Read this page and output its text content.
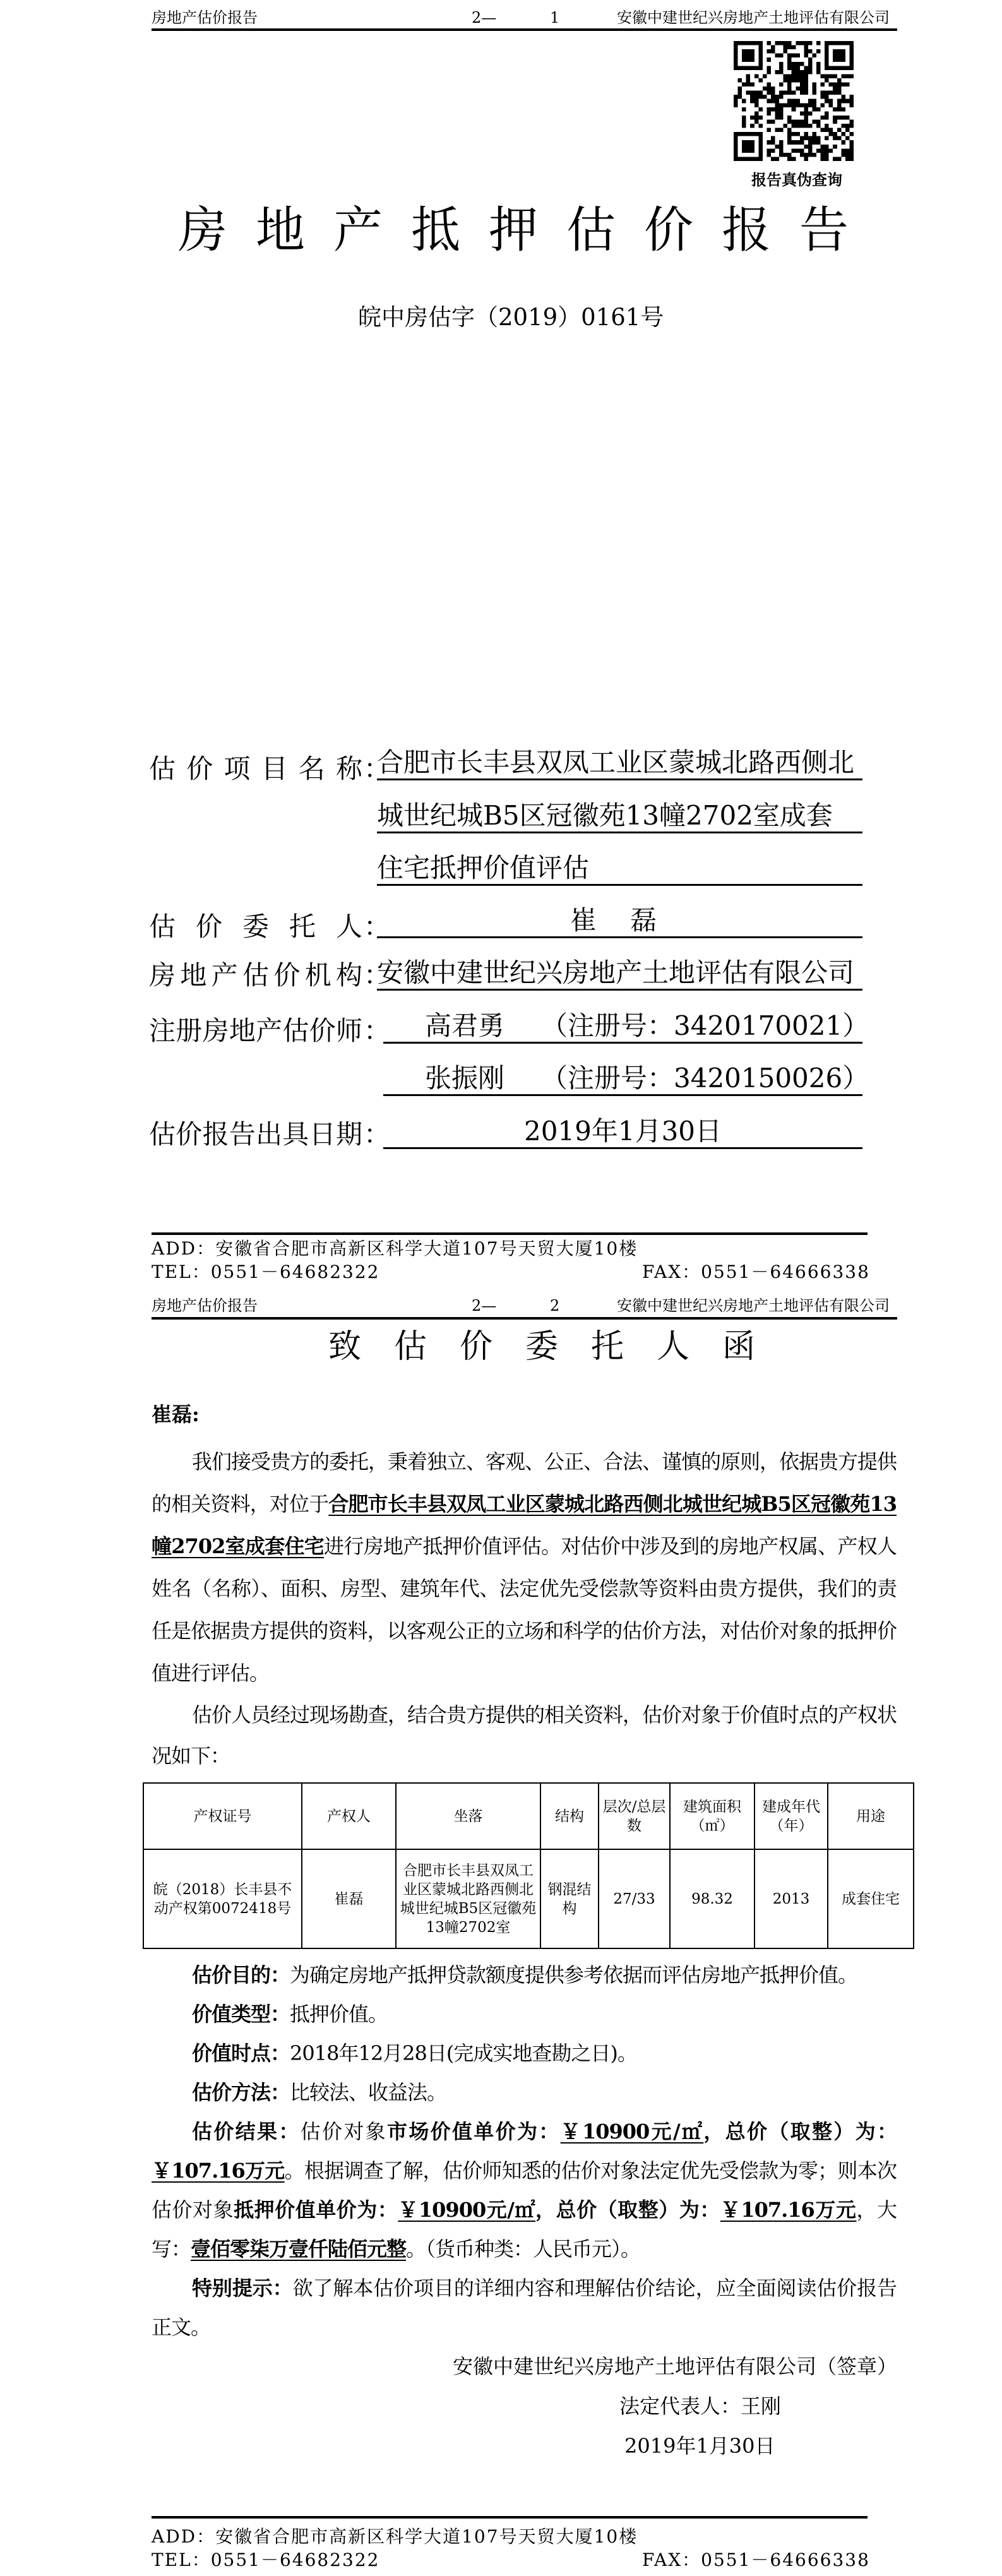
房地产估价报告	2—	1	安徽中建世纪兴房地产土地评估有限公司
报告真伪查询
房地产抵押估价报告
皖中房估字（2019）0161号
估价项目名称 ： 合肥市长丰县双凤工业区蒙城北路西侧北
城世纪城B5区冠徽苑13幢2702室成套
住宅抵押价值评估
估价委托人 ：	崔 磊
房地产估价机构 ： 安徽中建世纪兴房地产土地评估有限公司
注册房地产估价师 ： 高君勇 （注册号：3420170021）
张振刚 （注册号：3420150026）
估价报告出具日期 ：	2019年1月30日
ADD：安徽省合肥市高新区科学大道107号天贸大厦10楼
TEL：0551－64682322	FAX：0551－64666338
房地产估价报告	2—	2	安徽中建世纪兴房地产土地评估有限公司
致估价委托人函
崔磊:
我们接受贵方的委托，秉着独立、客观、公正、合法、谨慎的原则，依据贵方提供的相关资料，对位于合肥市长丰县双凤工业区蒙城北路西侧北城世纪城B5区冠徽苑13幢2702室成套住宅进行房地产抵押价值评估。对估价中涉及到的房地产权属、产权人姓名（名称）、面积、房型、建筑年代、法定优先受偿款等资料由贵方提供，我们的责任是依据贵方提供的资料，以客观公正的立场和科学的估价方法，对估价对象的抵押价值进行评估。
估价人员经过现场勘查，结合贵方提供的相关资料，估价对象于价值时点的产权状况如下：
产权证号	产权人	坐落	结构	层次/总层数	建筑面积（㎡）	建成年代（年）	用途
皖（2018）长丰县不动产权第0072418号	崔磊	合肥市长丰县双凤工业区蒙城北路西侧北城世纪城B5区冠徽苑13幢2702室	钢混结构	27/33	98.32	2013	成套住宅
估价目的：为确定房地产抵押贷款额度提供参考依据而评估房地产抵押价值。
价值类型：抵押价值。
价值时点：2018年12月28日(完成实地查勘之日)。
估价方法：比较法、收益法。
估价结果：估价对象市场价值单价为：￥10900元/㎡，总价（取整）为：￥107.16万元。根据调查了解，估价师知悉的估价对象法定优先受偿款为零；则本次估价对象抵押价值单价为：￥10900元/㎡，总价（取整）为：￥107.16万元，大写：壹佰零柒万壹仟陆佰元整。（货币种类：人民币元）。
特别提示：欲了解本估价项目的详细内容和理解估价结论，应全面阅读估价报告正文。
安徽中建世纪兴房地产土地评估有限公司（签章）
法定代表人：王刚
2019年1月30日
ADD：安徽省合肥市高新区科学大道107号天贸大厦10楼
TEL：0551－64682322	FAX：0551－64666338
